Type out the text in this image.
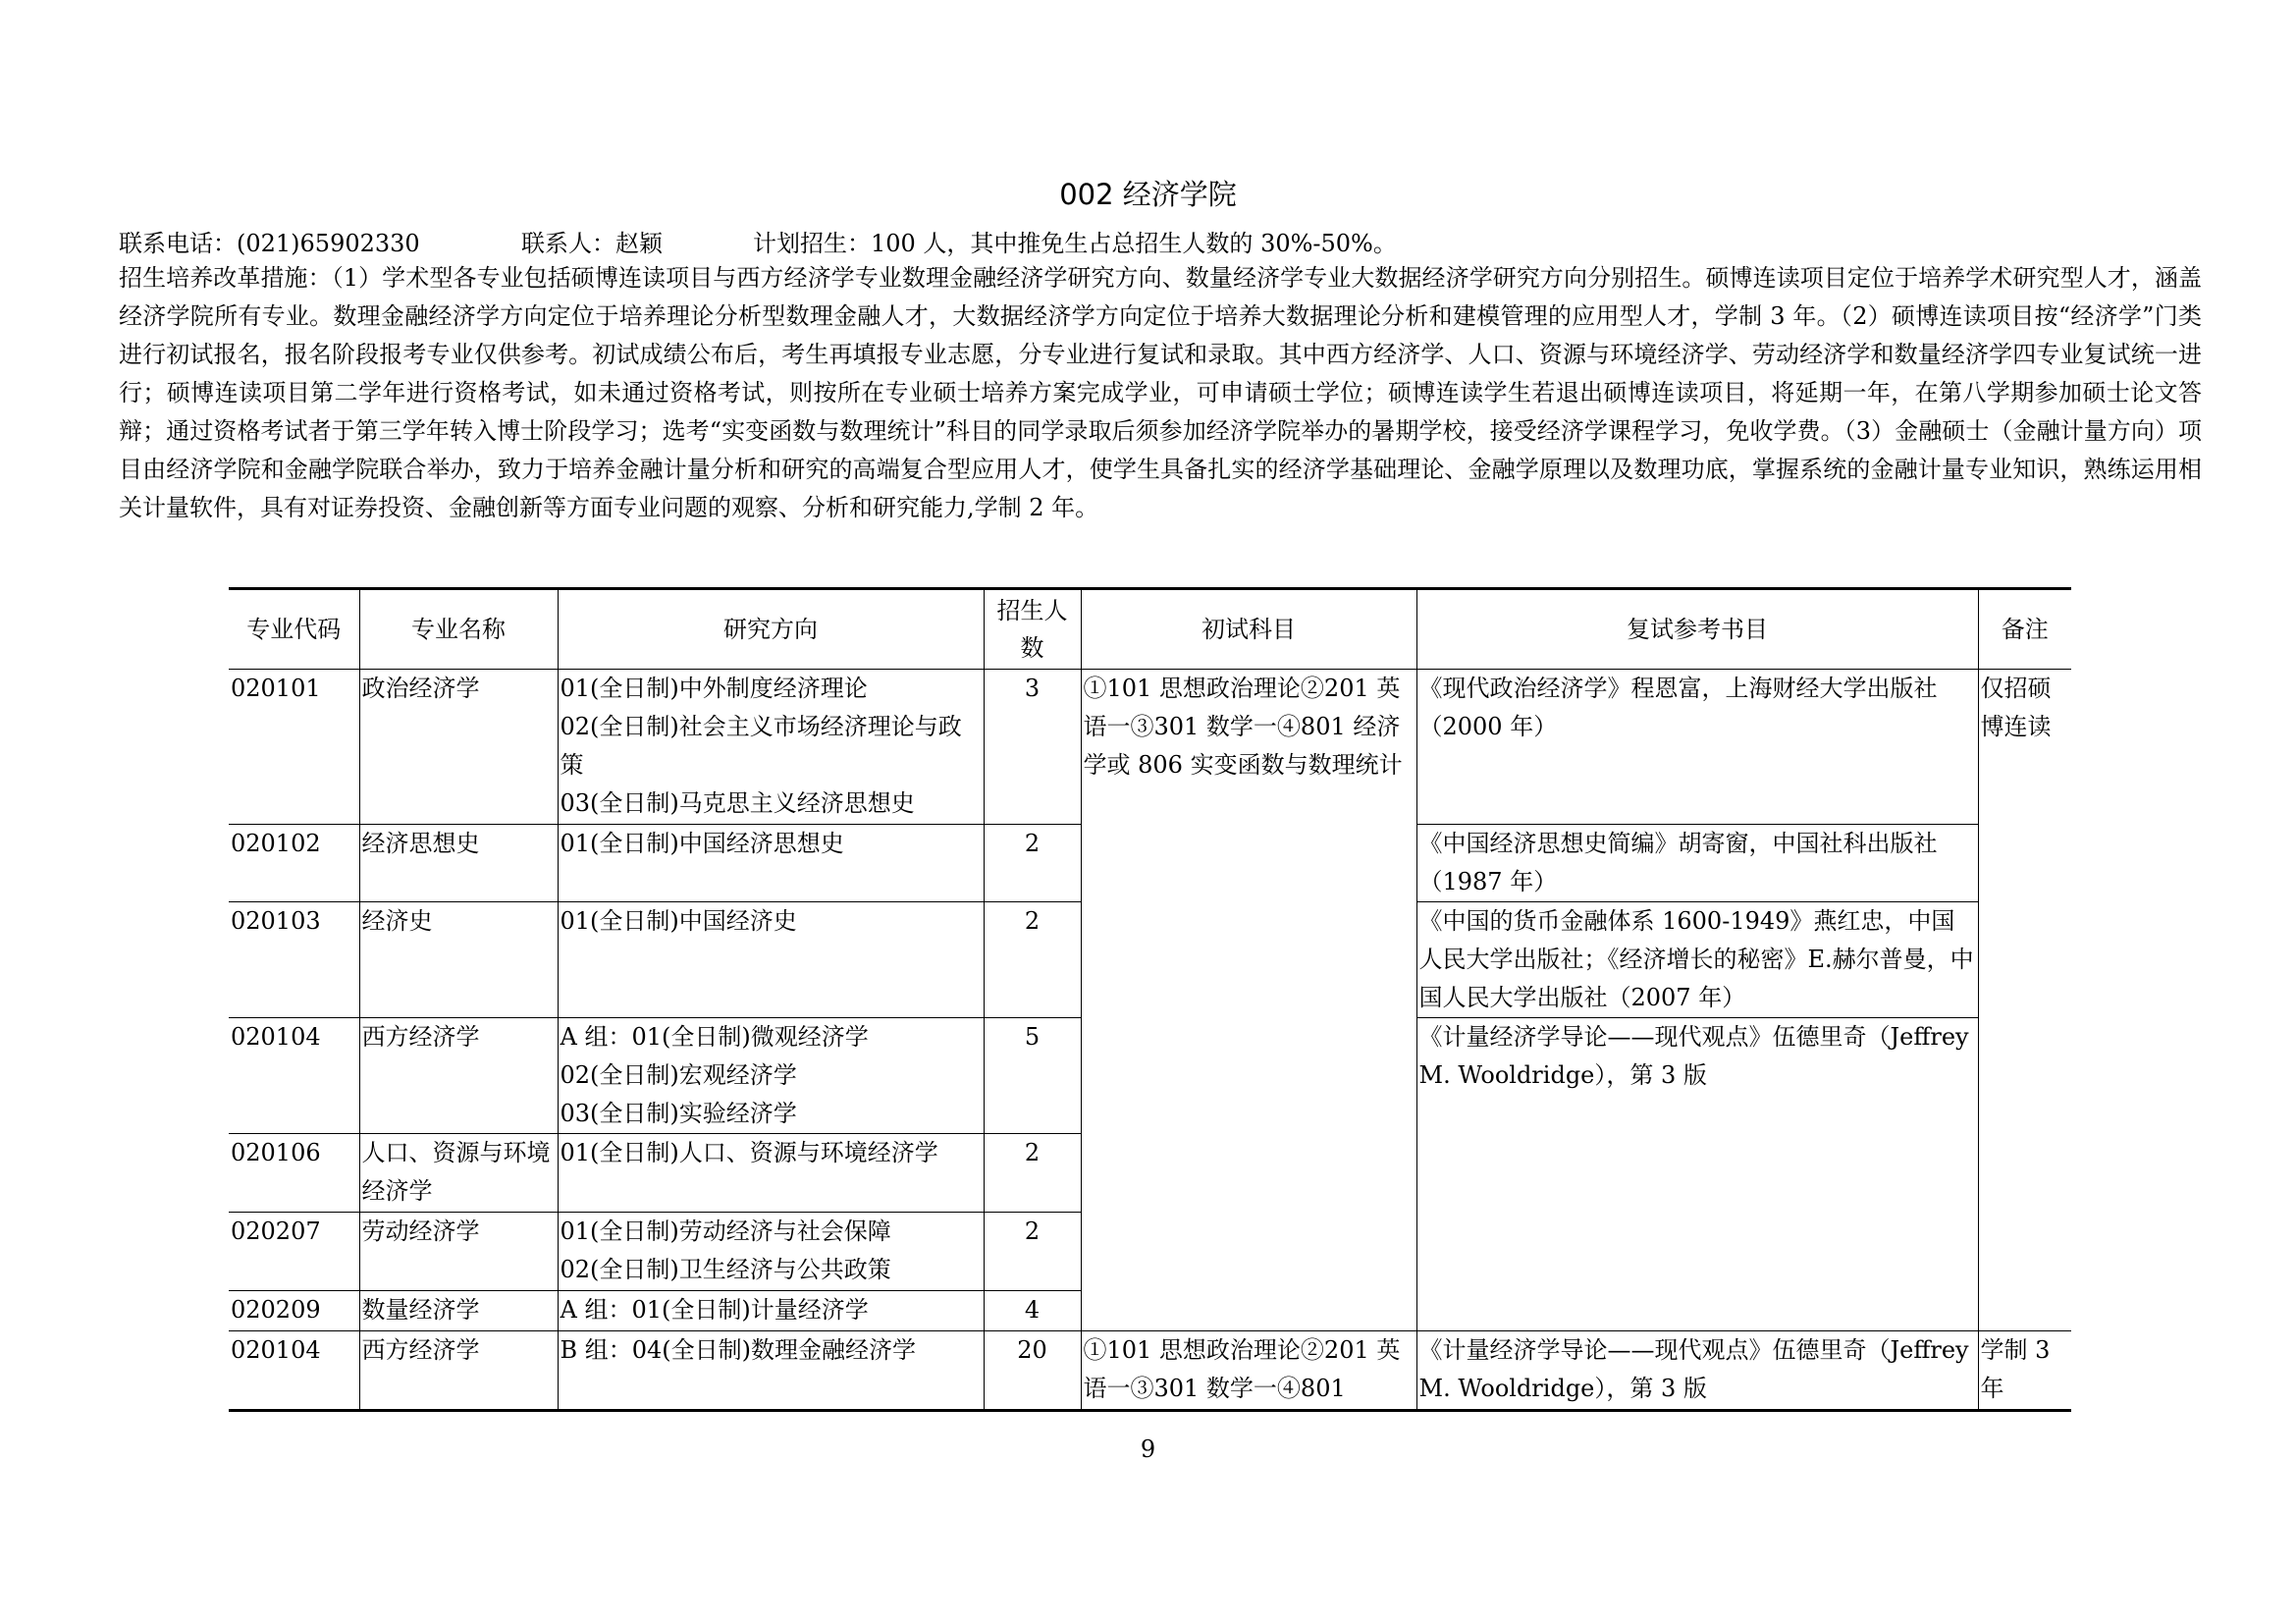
002 经济学院
联系电话：(021)65902330	联系人：赵颖	计划招生：100 人，其中推免生占总招生人数的 30%-50%。
招生培养改革措施：（1）学术型各专业包括硕博连读项目与西方经济学专业数理金融经济学研究方向、数量经济学专业大数据经济学研究方向分别招生。硕博连读项目定位于培养学术研究型人才，涵盖经济学院所有专业。数理金融经济学方向定位于培养理论分析型数理金融人才，大数据经济学方向定位于培养大数据理论分析和建模管理的应用型人才，学制 3 年。（2）硕博连读项目按“经济学”门类进行初试报名，报名阶段报考专业仅供参考。初试成绩公布后，考生再填报专业志愿，分专业进行复试和录取。其中西方经济学、人口、资源与环境经济学、劳动经济学和数量经济学四专业复试统一进行；硕博连读项目第二学年进行资格考试，如未通过资格考试，则按所在专业硕士培养方案完成学业，可申请硕士学位；硕博连读学生若退出硕博连读项目，将延期一年，在第八学期参加硕士论文答辩；通过资格考试者于第三学年转入博士阶段学习；选考“实变函数与数理统计”科目的同学录取后须参加经济学院举办的暑期学校，接受经济学课程学习，免收学费。（3）金融硕士（金融计量方向）项目由经济学院和金融学院联合举办，致力于培养金融计量分析和研究的高端复合型应用人才，使学生具备扎实的经济学基础理论、金融学原理以及数理功底，掌握系统的金融计量专业知识，熟练运用相关计量软件，具有对证券投资、金融创新等方面专业问题的观察、分析和研究能力,学制 2 年。
专业代码	专业名称	研究方向	招生人数	初试科目	复试参考书目	备注
020101	政治经济学	01(全日制)中外制度经济理论
02(全日制)社会主义市场经济理论与政策
03(全日制)马克思主义经济思想史	3	①101 思想政治理论②201 英语一③301 数学一④801 经济学或 806 实变函数与数理统计	《现代政治经济学》程恩富，上海财经大学出版社（2000 年）	仅招硕博连读
020102	经济思想史	01(全日制)中国经济思想史	2		《中国经济思想史简编》胡寄窗，中国社科出版社（1987 年）	
020103	经济史	01(全日制)中国经济史	2		《中国的货币金融体系 1600-1949》燕红忠，中国人民大学出版社；《经济增长的秘密》E.赫尔普曼，中国人民大学出版社（2007 年）	
020104	西方经济学	A 组：01(全日制)微观经济学
02(全日制)宏观经济学
03(全日制)实验经济学	5		《计量经济学导论——现代观点》伍德里奇（Jeffrey M. Wooldridge），第 3 版	
020106	人口、资源与环境经济学	01(全日制)人口、资源与环境经济学	2			
020207	劳动经济学	01(全日制)劳动经济与社会保障
02(全日制)卫生经济与公共政策	2			
020209	数量经济学	A 组：01(全日制)计量经济学	4			
020104	西方经济学	B 组：04(全日制)数理金融经济学	20	①101 思想政治理论②201 英语一③301 数学一④801	《计量经济学导论——现代观点》伍德里奇（Jeffrey M. Wooldridge），第 3 版	学制 3 年
9
